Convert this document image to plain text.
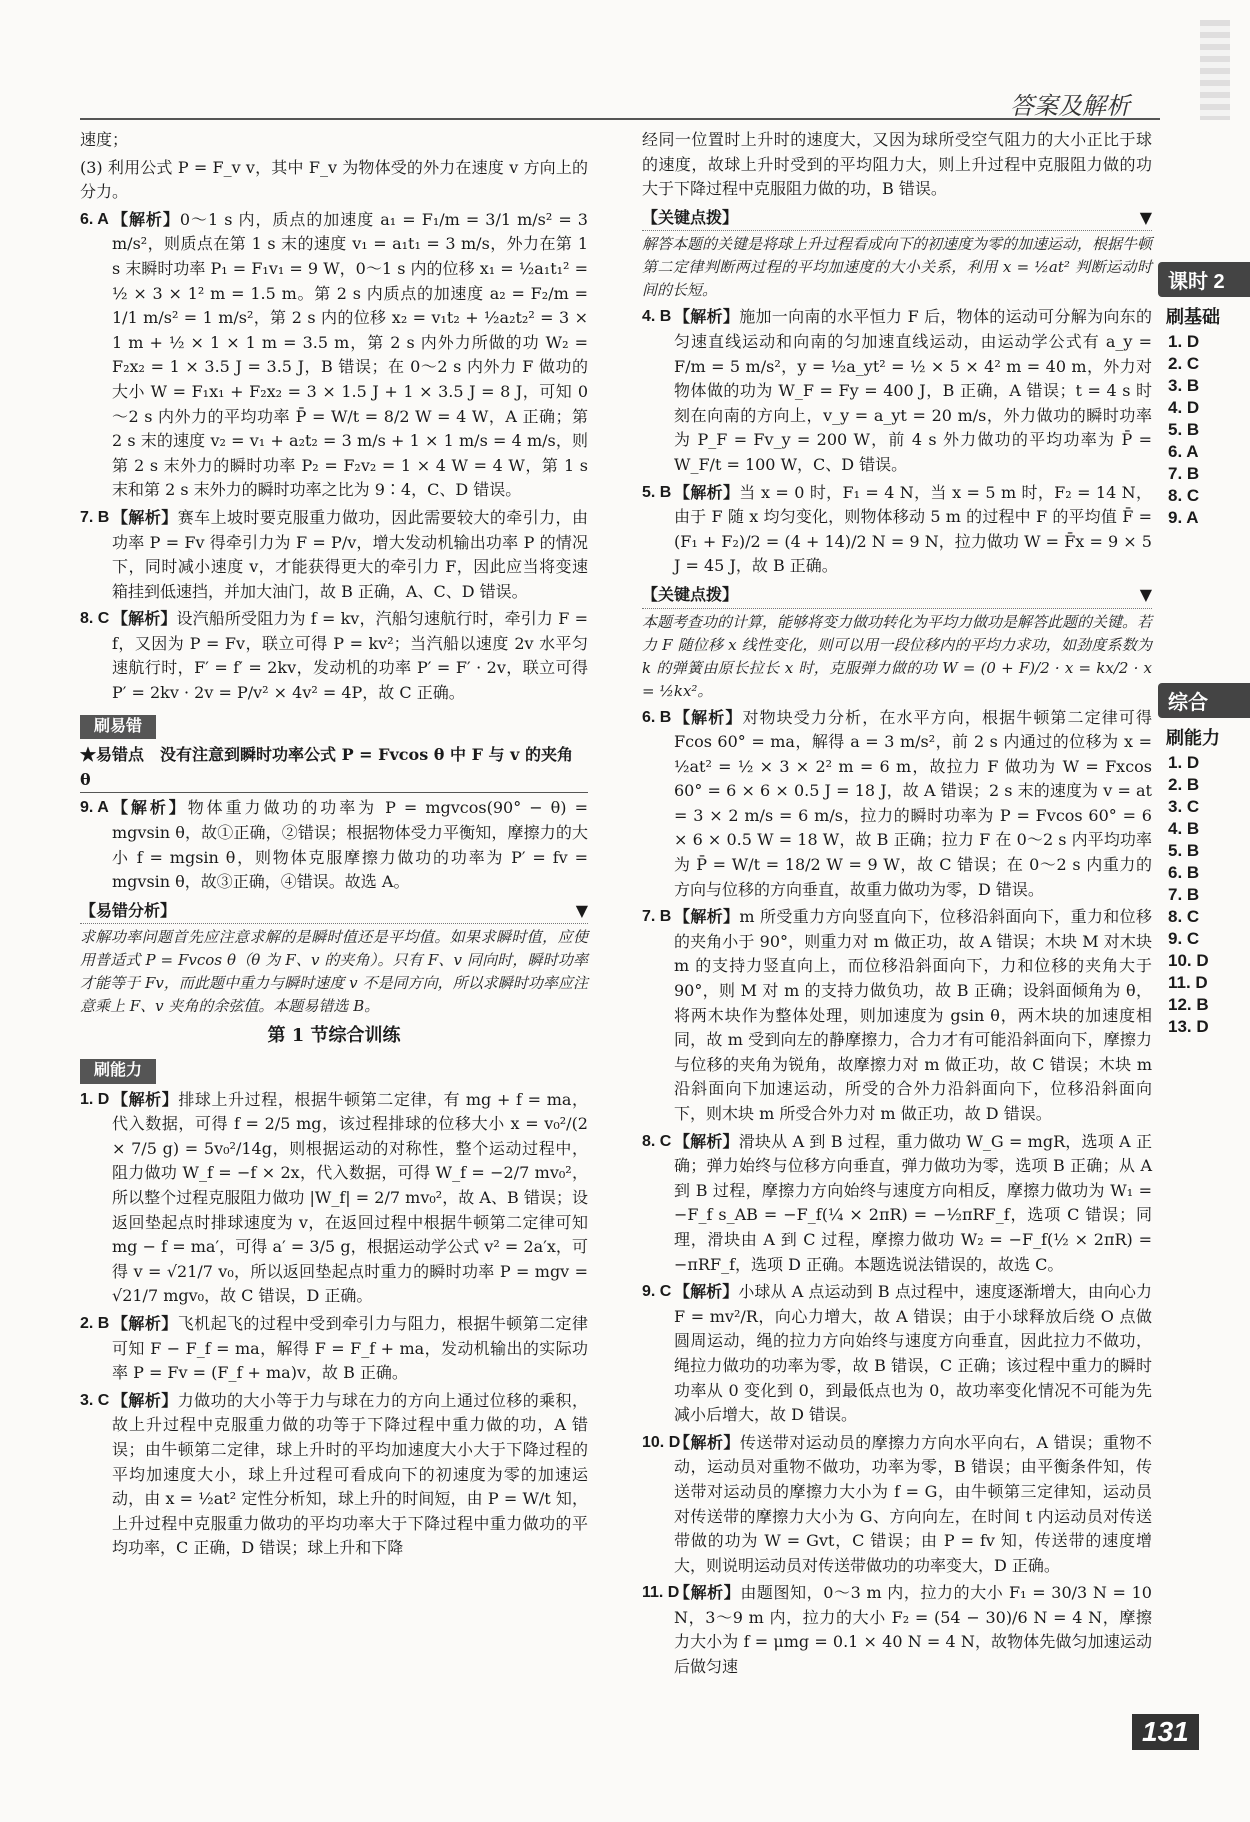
答案及解析

速度；

(3) 利用公式 P = F_v v，其中 F_v 为物体受的外力在速度 v 方向上的分力。

6. A 【解析】0～1 s 内，质点的加速度 a₁ = F₁/m = 3/1 m/s² = 3 m/s²，则质点在第 1 s 末的速度 v₁ = a₁t₁ = 3 m/s，外力在第 1 s 末瞬时功率 P₁ = F₁v₁ = 9 W，0～1 s 内的位移 x₁ = ½a₁t₁² = ½ × 3 × 1² m = 1.5 m。第 2 s 内质点的加速度 a₂ = F₂/m = 1/1 m/s² = 1 m/s²，第 2 s 内的位移 x₂ = v₁t₂ + ½a₂t₂² = 3 × 1 m + ½ × 1 × 1 m = 3.5 m，第 2 s 内外力所做的功 W₂ = F₂x₂ = 1 × 3.5 J = 3.5 J，B 错误；在 0～2 s 内外力 F 做功的大小 W = F₁x₁ + F₂x₂ = 3 × 1.5 J + 1 × 3.5 J = 8 J，可知 0～2 s 内外力的平均功率 P̄ = W/t = 8/2 W = 4 W，A 正确；第 2 s 末的速度 v₂ = v₁ + a₂t₂ = 3 m/s + 1 × 1 m/s = 4 m/s，则第 2 s 末外力的瞬时功率 P₂ = F₂v₂ = 1 × 4 W = 4 W，第 1 s 末和第 2 s 末外力的瞬时功率之比为 9∶4，C、D 错误。

7. B 【解析】赛车上坡时要克服重力做功，因此需要较大的牵引力，由功率 P = Fv 得牵引力为 F = P/v，增大发动机输出功率 P 的情况下，同时减小速度 v，才能获得更大的牵引力 F，因此应当将变速箱挂到低速挡，并加大油门，故 B 正确，A、C、D 错误。

8. C 【解析】设汽船所受阻力为 f = kv，汽船匀速航行时，牵引力 F = f，又因为 P = Fv，联立可得 P = kv²；当汽船以速度 2v 水平匀速航行时，F′ = f′ = 2kv，发动机的功率 P′ = F′ · 2v，联立可得 P′ = 2kv · 2v = P/v² × 4v² = 4P，故 C 正确。

刷易错
★易错点　没有注意到瞬时功率公式 P = Fvcos θ 中 F 与 v 的夹角 θ

9. A 【解析】物体重力做功的功率为 P = mgvcos(90° − θ) = mgvsin θ，故①正确，②错误；根据物体受力平衡知，摩擦力的大小 f = mgsin θ，则物体克服摩擦力做功的功率为 P′ = fv = mgvsin θ，故③正确，④错误。故选 A。

【易错分析】	▼

求解功率问题首先应注意求解的是瞬时值还是平均值。如果求瞬时值，应使用普适式 P = Fvcos θ（θ 为 F、v 的夹角）。只有 F、v 同向时，瞬时功率才能等于 Fv，而此题中重力与瞬时速度 v 不是同方向，所以求瞬时功率应注意乘上 F、v 夹角的余弦值。本题易错选 B。

第 1 节综合训练
刷能力

1. D 【解析】排球上升过程，根据牛顿第二定律，有 mg + f = ma，代入数据，可得 f = 2/5 mg，该过程排球的位移大小 x = v₀²/(2 × 7/5 g) = 5v₀²/14g，则根据运动的对称性，整个运动过程中，阻力做功 W_f = −f × 2x，代入数据，可得 W_f = −2/7 mv₀²，所以整个过程克服阻力做功 |W_f| = 2/7 mv₀²，故 A、B 错误；设返回垫起点时排球速度为 v，在返回过程中根据牛顿第二定律可知 mg − f = ma′，可得 a′ = 3/5 g，根据运动学公式 v² = 2a′x，可得 v = √21/7 v₀，所以返回垫起点时重力的瞬时功率 P = mgv = √21/7 mgv₀，故 C 错误，D 正确。

2. B 【解析】飞机起飞的过程中受到牵引力与阻力，根据牛顿第二定律可知 F − F_f = ma，解得 F = F_f + ma，发动机输出的实际功率 P = Fv = (F_f + ma)v，故 B 正确。

3. C 【解析】力做功的大小等于力与球在力的方向上通过位移的乘积，故上升过程中克服重力做的功等于下降过程中重力做的功，A 错误；由牛顿第二定律，球上升时的平均加速度大小大于下降过程的平均加速度大小，球上升过程可看成向下的初速度为零的加速运动，由 x = ½at² 定性分析知，球上升的时间短，由 P = W/t 知，上升过程中克服重力做功的平均功率大于下降过程中重力做功的平均功率，C 正确，D 错误；球上升和下降

经同一位置时上升时的速度大，又因为球所受空气阻力的大小正比于球的速度，故球上升时受到的平均阻力大，则上升过程中克服阻力做的功大于下降过程中克服阻力做的功，B 错误。

【关键点拨】	▼

解答本题的关键是将球上升过程看成向下的初速度为零的加速运动，根据牛顿第二定律判断两过程的平均加速度的大小关系，利用 x = ½at² 判断运动时间的长短。

4. B 【解析】施加一向南的水平恒力 F 后，物体的运动可分解为向东的匀速直线运动和向南的匀加速直线运动，由运动学公式有 a_y = F/m = 5 m/s²，y = ½a_yt² = ½ × 5 × 4² m = 40 m，外力对物体做的功为 W_F = Fy = 400 J，B 正确，A 错误；t = 4 s 时刻在向南的方向上，v_y = a_yt = 20 m/s，外力做功的瞬时功率为 P_F = Fv_y = 200 W，前 4 s 外力做功的平均功率为 P̄ = W_F/t = 100 W，C、D 错误。

5. B 【解析】当 x = 0 时，F₁ = 4 N，当 x = 5 m 时，F₂ = 14 N，由于 F 随 x 均匀变化，则物体移动 5 m 的过程中 F 的平均值 F̄ = (F₁ + F₂)/2 = (4 + 14)/2 N = 9 N，拉力做功 W = F̄x = 9 × 5 J = 45 J，故 B 正确。

【关键点拨】	▼

本题考查功的计算，能够将变力做功转化为平均力做功是解答此题的关键。若力 F 随位移 x 线性变化，则可以用一段位移内的平均力求功，如劲度系数为 k 的弹簧由原长拉长 x 时，克服弹力做的功 W = (0 + F)/2 · x = kx/2 · x = ½kx²。

6. B 【解析】对物块受力分析，在水平方向，根据牛顿第二定律可得 Fcos 60° = ma，解得 a = 3 m/s²，前 2 s 内通过的位移为 x = ½at² = ½ × 3 × 2² m = 6 m，故拉力 F 做功为 W = Fxcos 60° = 6 × 6 × 0.5 J = 18 J，故 A 错误；2 s 末的速度为 v = at = 3 × 2 m/s = 6 m/s，拉力的瞬时功率为 P = Fvcos 60° = 6 × 6 × 0.5 W = 18 W，故 B 正确；拉力 F 在 0～2 s 内平均功率为 P̄ = W/t = 18/2 W = 9 W，故 C 错误；在 0～2 s 内重力的方向与位移的方向垂直，故重力做功为零，D 错误。

7. B 【解析】m 所受重力方向竖直向下，位移沿斜面向下，重力和位移的夹角小于 90°，则重力对 m 做正功，故 A 错误；木块 M 对木块 m 的支持力竖直向上，而位移沿斜面向下，力和位移的夹角大于 90°，则 M 对 m 的支持力做负功，故 B 正确；设斜面倾角为 θ，将两木块作为整体处理，则加速度为 gsin θ，两木块的加速度相同，故 m 受到向左的静摩擦力，合力才有可能沿斜面向下，摩擦力与位移的夹角为锐角，故摩擦力对 m 做正功，故 C 错误；木块 m 沿斜面向下加速运动，所受的合外力沿斜面向下，位移沿斜面向下，则木块 m 所受合外力对 m 做正功，故 D 错误。

8. C 【解析】滑块从 A 到 B 过程，重力做功 W_G = mgR，选项 A 正确；弹力始终与位移方向垂直，弹力做功为零，选项 B 正确；从 A 到 B 过程，摩擦力方向始终与速度方向相反，摩擦力做功为 W₁ = −F_f s_AB = −F_f(¼ × 2πR) = −½πRF_f，选项 C 错误；同理，滑块由 A 到 C 过程，摩擦力做功 W₂ = −F_f(½ × 2πR) = −πRF_f，选项 D 正确。本题选说法错误的，故选 C。

9. C 【解析】小球从 A 点运动到 B 点过程中，速度逐渐增大，由向心力 F = mv²/R，向心力增大，故 A 错误；由于小球释放后绕 O 点做圆周运动，绳的拉力方向始终与速度方向垂直，因此拉力不做功，绳拉力做功的功率为零，故 B 错误，C 正确；该过程中重力的瞬时功率从 0 变化到 0，到最低点也为 0，故功率变化情况不可能为先减小后增大，故 D 错误。

10. D
【解析】传送带对运动员的摩擦力方向水平向右，A 错误；重物不动，运动员对重物不做功，功率为零，B 错误；由平衡条件知，传送带对运动员的摩擦力大小为 f = G，由牛顿第三定律知，运动员对传送带的摩擦力大小为 G、方向向左，在时间 t 内运动员对传送带做的功为 W = Gvt，C 错误；由 P = fv 知，传送带的速度增大，则说明运动员对传送带做功的功率变大，D 正确。

11. D
【解析】由题图知，0～3 m 内，拉力的大小 F₁ = 30/3 N = 10 N，3～9 m 内，拉力的大小 F₂ = (54 − 30)/6 N = 4 N，摩擦力大小为 f = μmg = 0.1 × 40 N = 4 N，故物体先做匀加速运动后做匀速

课时 2
刷基础
1. D
2. C
3. B
4. D
5. B
6. A
7. B
8. C
9. A
综合
刷能力
1. D
2. B
3. C
4. B
5. B
6. B
7. B
8. C
9. C
10. D
11. D
12. B
13. D
131
